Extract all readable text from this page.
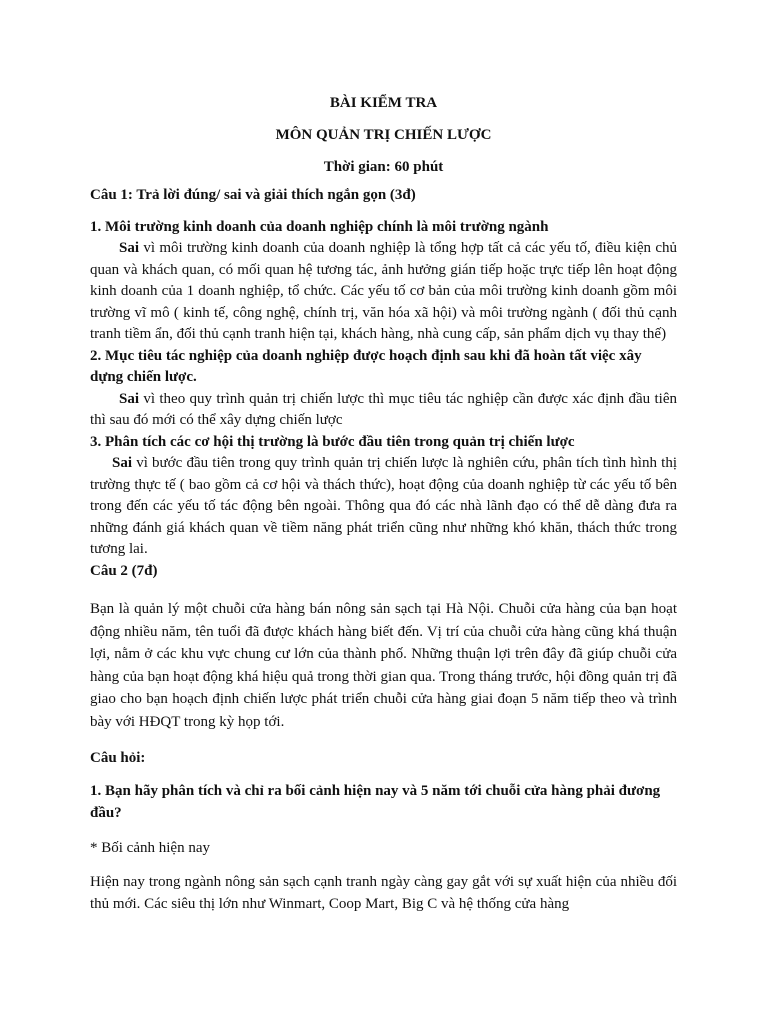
BÀI KIỂM TRA

MÔN QUẢN TRỊ CHIẾN LƯỢC

Thời gian: 60 phút

Câu 1: Trả lời đúng/ sai và giải thích ngắn gọn (3đ)

1. Môi trường kinh doanh của doanh nghiệp chính là môi trường ngành

Sai vì môi trường kinh doanh của doanh nghiệp là tổng hợp tất cả các yếu tố, điều kiện chủ quan và khách quan, có mối quan hệ tương tác, ảnh hưởng gián tiếp hoặc trực tiếp lên hoạt động kinh doanh của 1 doanh nghiệp, tổ chức. Các yếu tố cơ bản của môi trường kinh doanh gồm môi trường vĩ mô ( kinh tế, công nghệ, chính trị, văn hóa xã hội) và môi trường ngành ( đối thủ cạnh tranh tiềm ẩn, đối thủ cạnh tranh hiện tại, khách hàng, nhà cung cấp, sản phẩm dịch vụ thay thế)

2. Mục tiêu tác nghiệp của doanh nghiệp được hoạch định sau khi đã hoàn tất việc xây dựng chiến lược.

Sai vì theo quy trình quản trị chiến lược thì mục tiêu tác nghiệp cần được xác định đầu tiên thì sau đó mới có thể xây dựng chiến lược

3. Phân tích các cơ hội thị trường là bước đầu tiên trong quản trị chiến lược

Sai vì bước đầu tiên trong quy trình quản trị chiến lược là nghiên cứu, phân tích tình hình thị trường thực tế ( bao gồm cả cơ hội và thách thức), hoạt động của doanh nghiệp từ các yếu tố bên trong đến các yếu tố tác động bên ngoài. Thông qua đó các nhà lãnh đạo có thể dễ dàng đưa ra những đánh giá khách quan về tiềm năng phát triển cũng như những khó khăn, thách thức trong tương lai.

Câu 2 (7đ)

Bạn là quản lý một chuỗi cửa hàng bán nông sản sạch tại Hà Nội. Chuỗi cửa hàng của bạn hoạt động nhiều năm, tên tuổi đã được khách hàng biết đến. Vị trí của chuỗi cửa hàng cũng khá thuận lợi, nằm ở các khu vực chung cư lớn của thành phố. Những thuận lợi trên đây đã giúp chuỗi cửa hàng của bạn hoạt động khá hiệu quả trong thời gian qua. Trong tháng trước, hội đồng quản trị đã giao cho bạn hoạch định chiến lược phát triển chuỗi cửa hàng giai đoạn 5 năm tiếp theo và trình bày với HĐQT trong kỳ họp tới.

Câu hỏi:

1. Bạn hãy phân tích và chỉ ra bối cảnh hiện nay và 5 năm tới chuỗi cửa hàng phải đương đầu?

* Bối cảnh hiện nay

Hiện nay trong ngành nông sản sạch cạnh tranh ngày càng gay gắt với sự xuất hiện của nhiều đối thủ mới. Các siêu thị lớn như Winmart, Coop Mart, Big C và hệ thống cửa hàng
